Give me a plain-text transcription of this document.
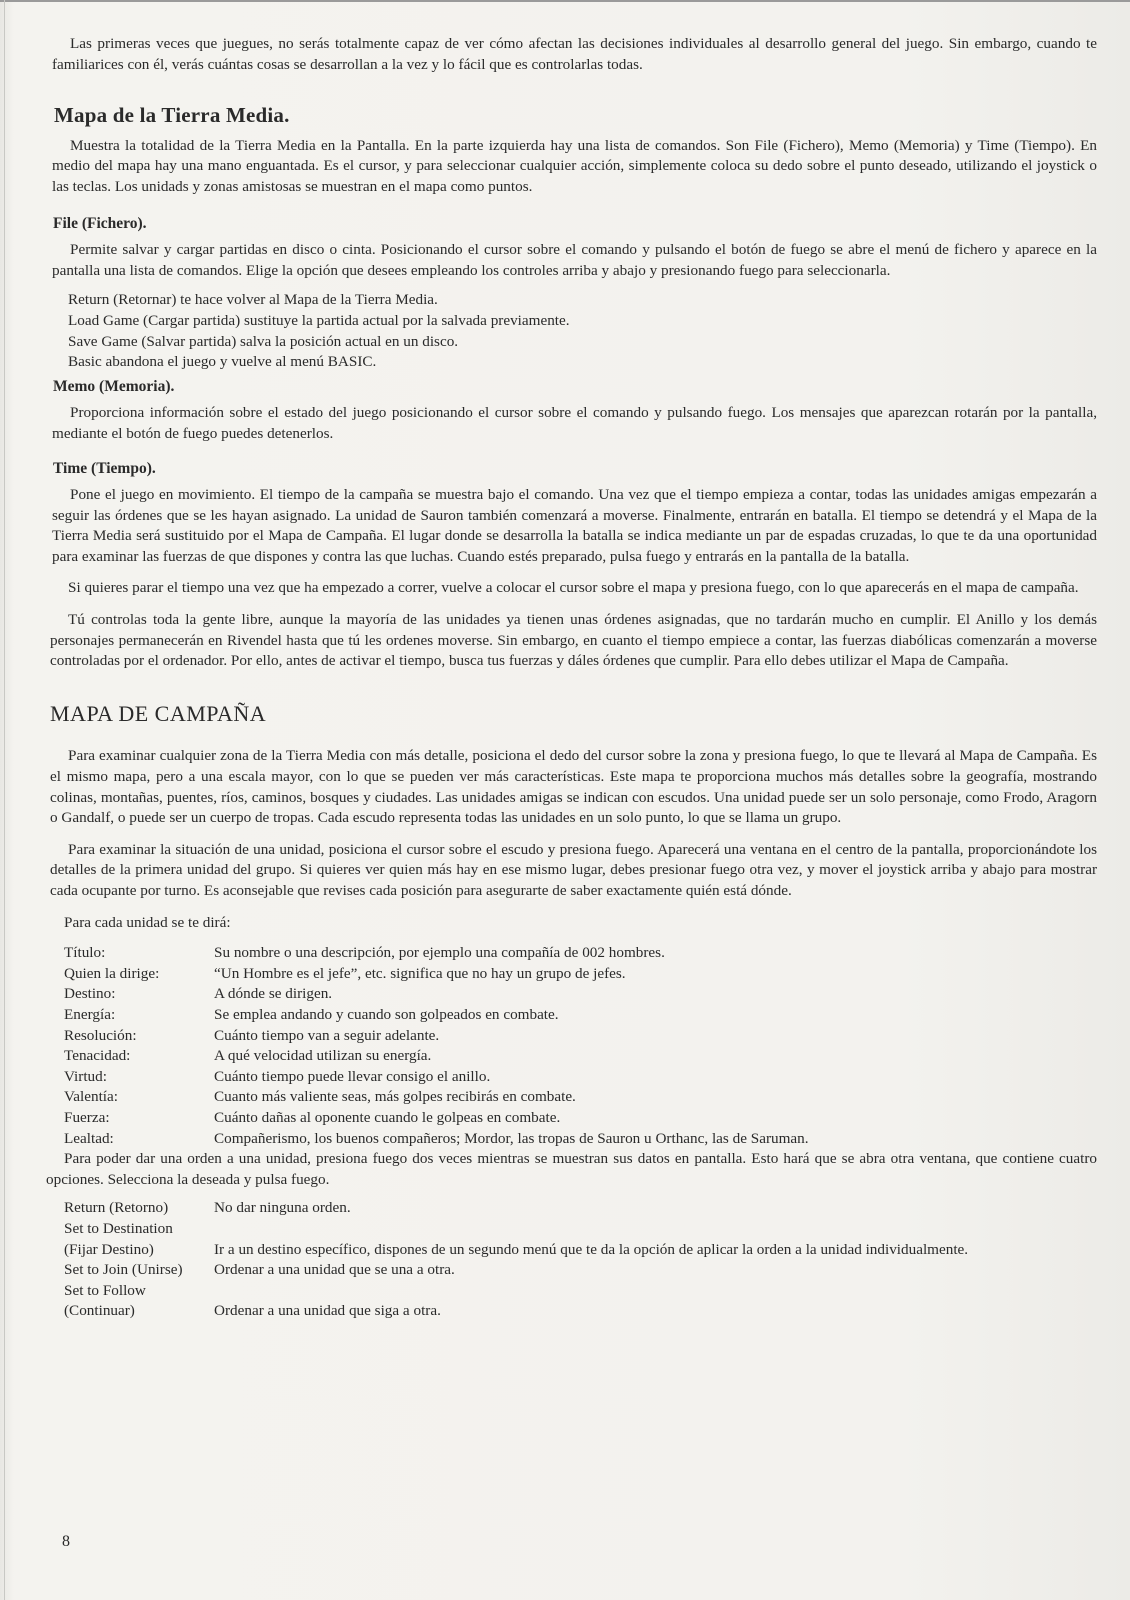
Las primeras veces que juegues, no serás totalmente capaz de ver cómo afectan las decisiones individuales al desarrollo general del juego. Sin embargo, cuando te familiarices con él, verás cuántas cosas se desarrollan a la vez y lo fácil que es controlarlas todas.

Mapa de la Tierra Media.

Muestra la totalidad de la Tierra Media en la Pantalla. En la parte izquierda hay una lista de comandos. Son File (Fichero), Memo (Memoria) y Time (Tiempo). En medio del mapa hay una mano enguantada. Es el cursor, y para seleccionar cualquier acción, simplemente coloca su dedo sobre el punto deseado, utilizando el joystick o las teclas. Los unidads y zonas amistosas se muestran en el mapa como puntos.

File (Fichero).

Permite salvar y cargar partidas en disco o cinta. Posicionando el cursor sobre el comando y pulsando el botón de fuego se abre el menú de fichero y aparece en la pantalla una lista de comandos. Elige la opción que desees empleando los controles arriba y abajo y presionando fuego para seleccionarla.

Return (Retornar) te hace volver al Mapa de la Tierra Media.
Load Game (Cargar partida) sustituye la partida actual por la salvada previamente.
Save Game (Salvar partida) salva la posición actual en un disco.
Basic abandona el juego y vuelve al menú BASIC.
Memo (Memoria).

Proporciona información sobre el estado del juego posicionando el cursor sobre el comando y pulsando fuego. Los mensajes que aparezcan rotarán por la pantalla, mediante el botón de fuego puedes detenerlos.

Time (Tiempo).

Pone el juego en movimiento. El tiempo de la campaña se muestra bajo el comando. Una vez que el tiempo empieza a contar, todas las unidades amigas empezarán a seguir las órdenes que se les hayan asignado. La unidad de Sauron también comenzará a moverse. Finalmente, entrarán en batalla. El tiempo se detendrá y el Mapa de la Tierra Media será sustituido por el Mapa de Campaña. El lugar donde se desarrolla la batalla se indica mediante un par de espadas cruzadas, lo que te da una oportunidad para examinar las fuerzas de que dispones y contra las que luchas. Cuando estés preparado, pulsa fuego y entrarás en la pantalla de la batalla.

Si quieres parar el tiempo una vez que ha empezado a correr, vuelve a colocar el cursor sobre el mapa y presiona fuego, con lo que aparecerás en el mapa de campaña.

Tú controlas toda la gente libre, aunque la mayoría de las unidades ya tienen unas órdenes asignadas, que no tardarán mucho en cumplir. El Anillo y los demás personajes permanecerán en Rivendel hasta que tú les ordenes moverse. Sin embargo, en cuanto el tiempo empiece a contar, las fuerzas diabólicas comenzarán a moverse controladas por el ordenador. Por ello, antes de activar el tiempo, busca tus fuerzas y dáles órdenes que cumplir. Para ello debes utilizar el Mapa de Campaña.

MAPA DE CAMPAÑA

Para examinar cualquier zona de la Tierra Media con más detalle, posiciona el dedo del cursor sobre la zona y presiona fuego, lo que te llevará al Mapa de Campaña. Es el mismo mapa, pero a una escala mayor, con lo que se pueden ver más características. Este mapa te proporciona muchos más detalles sobre la geografía, mostrando colinas, montañas, puentes, ríos, caminos, bosques y ciudades. Las unidades amigas se indican con escudos. Una unidad puede ser un solo personaje, como Frodo, Aragorn o Gandalf, o puede ser un cuerpo de tropas. Cada escudo representa todas las unidades en un solo punto, lo que se llama un grupo.

Para examinar la situación de una unidad, posiciona el cursor sobre el escudo y presiona fuego. Aparecerá una ventana en el centro de la pantalla, proporcionándote los detalles de la primera unidad del grupo. Si quieres ver quien más hay en ese mismo lugar, debes presionar fuego otra vez, y mover el joystick arriba y abajo para mostrar cada ocupante por turno. Es aconsejable que revises cada posición para asegurarte de saber exactamente quién está dónde.

Para cada unidad se te dirá:
Título:	Su nombre o una descripción, por ejemplo una compañía de 002 hombres.
Quien la dirige:	“Un Hombre es el jefe”, etc. significa que no hay un grupo de jefes.
Destino:	A dónde se dirigen.
Energía:	Se emplea andando y cuando son golpeados en combate.
Resolución:	Cuánto tiempo van a seguir adelante.
Tenacidad:	A qué velocidad utilizan su energía.
Virtud:	Cuánto tiempo puede llevar consigo el anillo.
Valentía:	Cuanto más valiente seas, más golpes recibirás en combate.
Fuerza:	Cuánto dañas al oponente cuando le golpeas en combate.
Lealtad:	Compañerismo, los buenos compañeros; Mordor, las tropas de Sauron u Orthanc, las de Saruman.

Para poder dar una orden a una unidad, presiona fuego dos veces mientras se muestran sus datos en pantalla. Esto hará que se abra otra ventana, que contiene cuatro opciones. Selecciona la deseada y pulsa fuego.

Return (Retorno)	No dar ninguna orden.
Set to Destination
(Fijar Destino)	Ir a un destino específico, dispones de un segundo menú que te da la opción de aplicar la orden a la unidad individualmente.
Set to Join (Unirse)	Ordenar a una unidad que se una a otra.
Set to Follow
(Continuar)	Ordenar a una unidad que siga a otra.
8
